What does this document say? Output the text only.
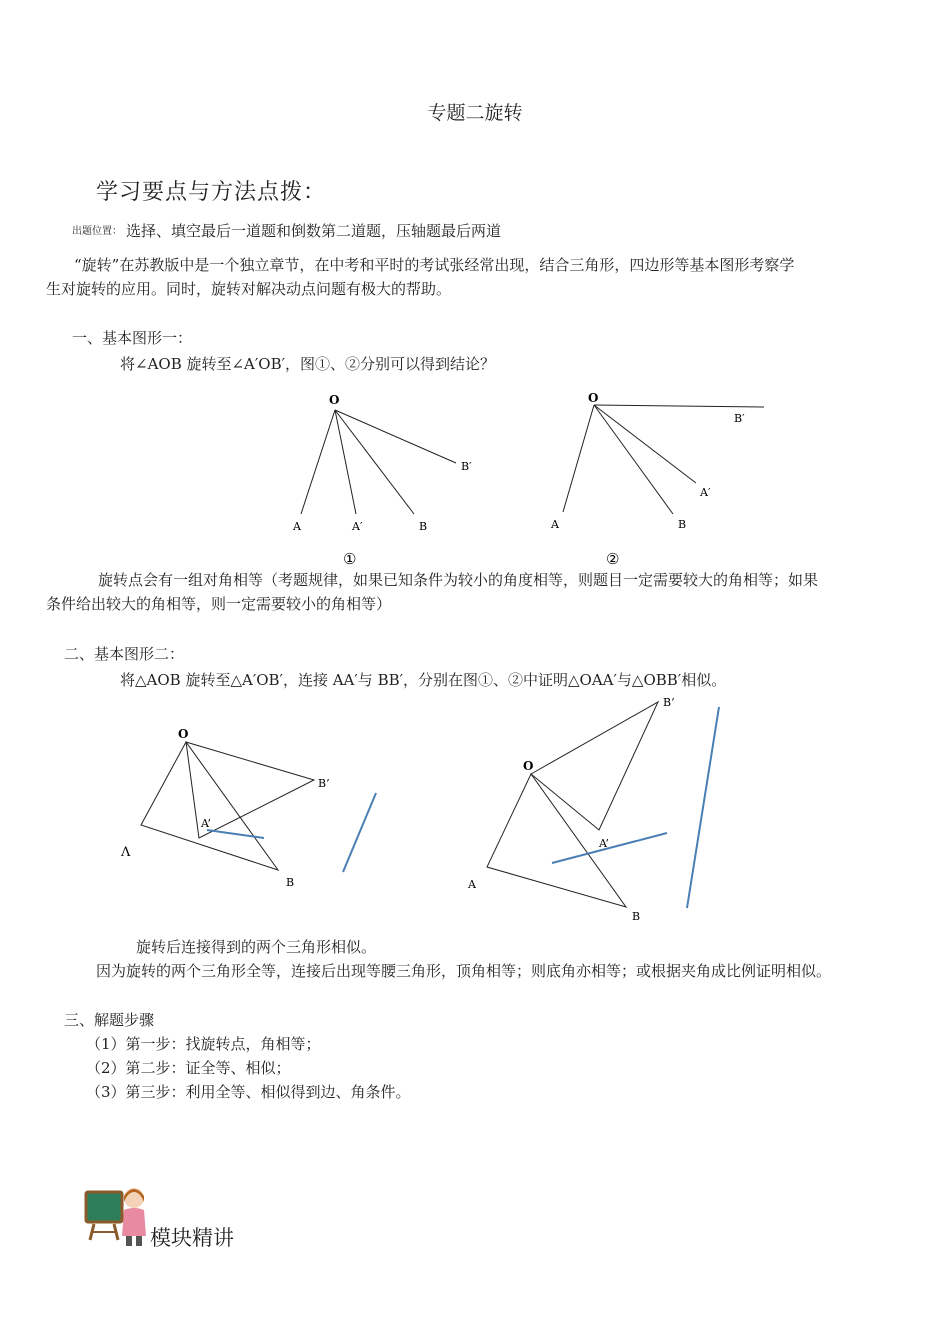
专题二旋转
学习要点与方法点拨：
出题位置： 选择、填空最后一道题和倒数第二道题，压轴题最后两道
“旋转”在苏教版中是一个独立章节，在中考和平时的考试张经常出现，结合三角形，四边形等基本图形考察学
生对旋转的应用。同时，旋转对解决动点问题有极大的帮助。
一、基本图形一：
将∠AOB 旋转至∠A′OB′，图①、②分别可以得到结论？
O
A	A′	B
B′
①
O
A	B
A′
B′
②
旋转点会有一组对角相等（考题规律，如果已知条件为较小的角度相等，则题目一定需要较大的角相等；如果
条件给出较大的角相等，则一定需要较小的角相等）
二、基本图形二：
将△AOB 旋转至△A′OB′，连接 AA′与 BB′，分别在图①、②中证明△OAA′与△OBB′相似。
O
Λ
A’
B
B’
O
A
A’
B
B’
旋转后连接得到的两个三角形相似。
因为旋转的两个三角形全等，连接后出现等腰三角形，顶角相等；则底角亦相等；或根据夹角成比例证明相似。
三、解题步骤
（1）第一步：找旋转点，角相等；
（2）第二步：证全等、相似；
（3）第三步：利用全等、相似得到边、角条件。
模块精讲
